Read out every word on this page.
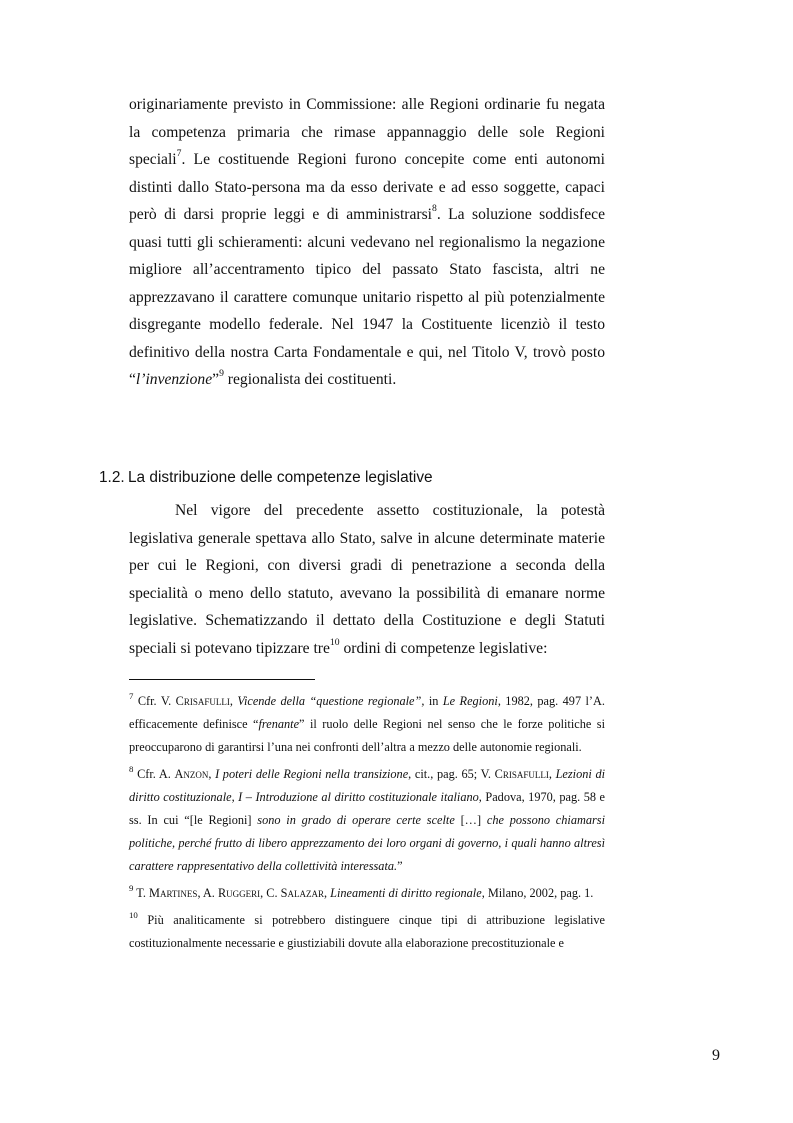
originariamente previsto in Commissione: alle Regioni ordinarie fu negata la competenza primaria che rimase appannaggio delle sole Regioni speciali$^7$. Le costituende Regioni furono concepite come enti autonomi distinti dallo Stato-persona ma da esso derivate e ad esso soggette, capaci però di darsi proprie leggi e di amministrarsi$^8$. La soluzione soddisfece quasi tutti gli schieramenti: alcuni vedevano nel regionalismo la negazione migliore all’accentramento tipico del passato Stato fascista, altri ne apprezzavano il carattere comunque unitario rispetto al più potenzialmente disgregante modello federale. Nel 1947 la Costituente licenziò il testo definitivo della nostra Carta Fondamentale e qui, nel Titolo V, trovò posto “l’invenzione”$^9$ regionalista dei costituenti.

1.2. La distribuzione delle competenze legislative

Nel vigore del precedente assetto costituzionale, la potestà legislativa generale spettava allo Stato, salve in alcune determinate materie per cui le Regioni, con diversi gradi di penetrazione a seconda della specialità o meno dello statuto, avevano la possibilità di emanare norme legislative. Schematizzando il dettato della Costituzione e degli Statuti speciali si potevano tipizzare tre$^{10}$ ordini di competenze legislative:

$^7$ Cfr. V. Crisafulli, Vicende della “questione regionale”, in Le Regioni, 1982, pag. 497 l’A. efficacemente definisce “frenante” il ruolo delle Regioni nel senso che le forze politiche si preoccuparono di garantirsi l’una nei confronti dell’altra a mezzo delle autonomie regionali.

$^8$ Cfr. A. Anzon, I poteri delle Regioni nella transizione, cit., pag. 65; V. Crisafulli, Lezioni di diritto costituzionale, I – Introduzione al diritto costituzionale italiano, Padova, 1970, pag. 58 e ss. In cui “[le Regioni] sono in grado di operare certe scelte […] che possono chiamarsi politiche, perché frutto di libero apprezzamento dei loro organi di governo, i quali hanno altresì carattere rappresentativo della collettività interessata.”

$^9$ T. Martines, A. Ruggeri, C. Salazar, Lineamenti di diritto regionale, Milano, 2002, pag. 1.

$^{10}$ Più analiticamente si potrebbero distinguere cinque tipi di attribuzione legislative costituzionalmente necessarie e giustiziabili dovute alla elaborazione precostituzionale e

9
